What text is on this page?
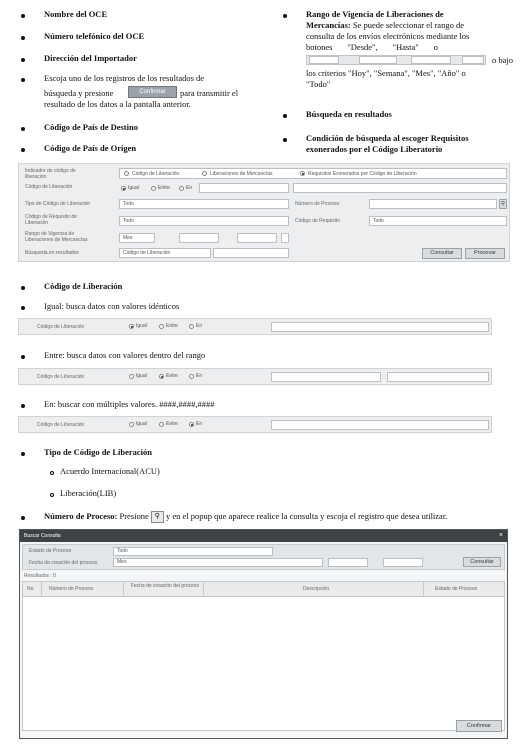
Nombre del OCE
Número telefónico del OCE
Dirección del Importador
Escoja uno de los registros de los resultados de
búsqueda y presione	Confirmar	para transmitir el
resultado de los datos a la pantalla anterior.
Código de País de Destino
Código de País de Origen
Rango de Vigencia de Liberaciones de
Mercancías: Se puede seleccionar el rango de
consulta de los envíos electrónicos mediante los
botones       "Desde",       "Hasta"       o
o bajo
los criterios "Hoy", "Semana", "Mes", "Año" o
"Todo"
Búsqueda en resultados
Condición de búsqueda al escoger Requisitos
exonerados por el Código Liberatorio
Indicador de código de liberación	Código de Liberación	Liberaciones de Mercancías	Requisitos Exonerados por Código de Liberación
Código de Liberación	Igual	Entre	En
Tipo de Código de Liberación	Todo	Número de Proceso	⚲
Código de Requisito de Liberación	Todo	Código de Requisito	Todo
Rango de Vigencia de Liberaciones de Mercancías	Mes
Búsqueda en resultados	Código de Liberación	Consultar	Procesar
Código de Liberación
Igual: busca datos con valores idénticos
Código de Liberación	Igual	Entre	En
Entre: busca datos con valores dentro del rango
Código de Liberación	Igual	Entre	En
En: buscar con múltiples valores. ####,####,####
Código de Liberación	Igual	Entre	En
Tipo de Código de Liberación
Acuerdo Internacional(ACU)
Liberación(LIB)
Número de Proceso: Presione ⚲ y en el popup que aparece realice la consulta y escoja el registro que desea utilizar.
Buscar Consulta	×
Estado de Proceso	Todo
Fecha de creación del proceso	Mes	Consultar
Resultados : 0
No	Número de Proceso	Fecha de creación del proceso	Descripción	Estado de Proceso
Confirmar
